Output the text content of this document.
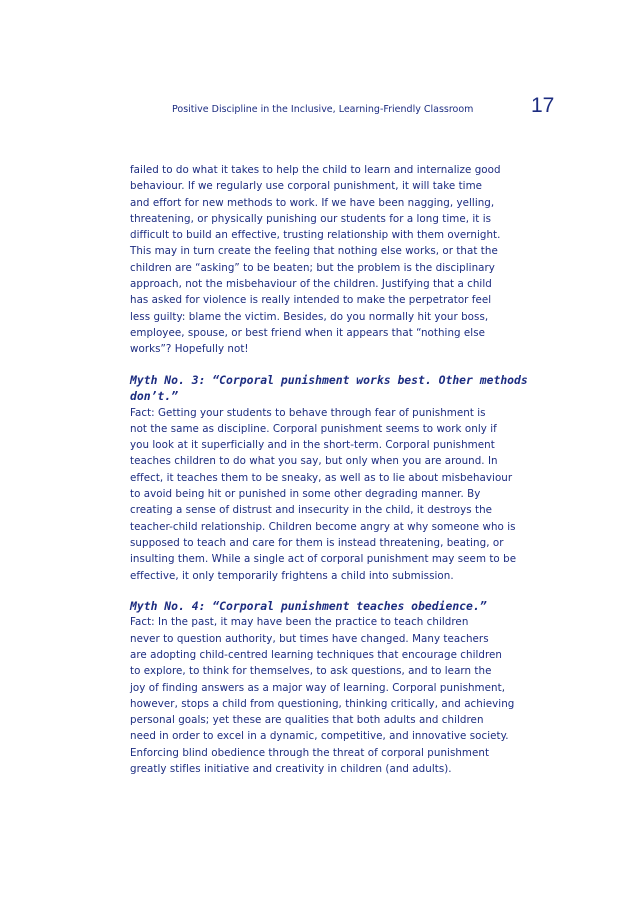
Positive Discipline in the Inclusive, Learning-Friendly Classroom	17

failed to do what it takes to help the child to learn and internalize good

behaviour. If we regularly use corporal punishment, it will take time

and effort for new methods to work. If we have been nagging, yelling,

threatening, or physically punishing our students for a long time, it is

difficult to build an effective, trusting relationship with them overnight.

This may in turn create the feeling that nothing else works, or that the

children are “asking” to be beaten; but the problem is the disciplinary

approach, not the misbehaviour of the children. Justifying that a child

has asked for violence is really intended to make the perpetrator feel

less guilty: blame the victim. Besides, do you normally hit your boss,

employee, spouse, or best friend when it appears that “nothing else

works”? Hopefully not!

Myth No. 3: “Corporal punishment works best. Other methods
don’t.”

Fact: Getting your students to behave through fear of punishment is

not the same as discipline. Corporal punishment seems to work only if

you look at it superficially and in the short-term. Corporal punishment

teaches children to do what you say, but only when you are around. In

effect, it teaches them to be sneaky, as well as to lie about misbehaviour

to avoid being hit or punished in some other degrading manner. By

creating a sense of distrust and insecurity in the child, it destroys the

teacher-child relationship. Children become angry at why someone who is

supposed to teach and care for them is instead threatening, beating, or

insulting them. While a single act of corporal punishment may seem to be

effective, it only temporarily frightens a child into submission.

Myth No. 4: “Corporal punishment teaches obedience.”

Fact: In the past, it may have been the practice to teach children

never to question authority, but times have changed. Many teachers

are adopting child-centred learning techniques that encourage children

to explore, to think for themselves, to ask questions, and to learn the

joy of finding answers as a major way of learning. Corporal punishment,

however, stops a child from questioning, thinking critically, and achieving

personal goals; yet these are qualities that both adults and children

need in order to excel in a dynamic, competitive, and innovative society.

Enforcing blind obedience through the threat of corporal punishment

greatly stifles initiative and creativity in children (and adults).
